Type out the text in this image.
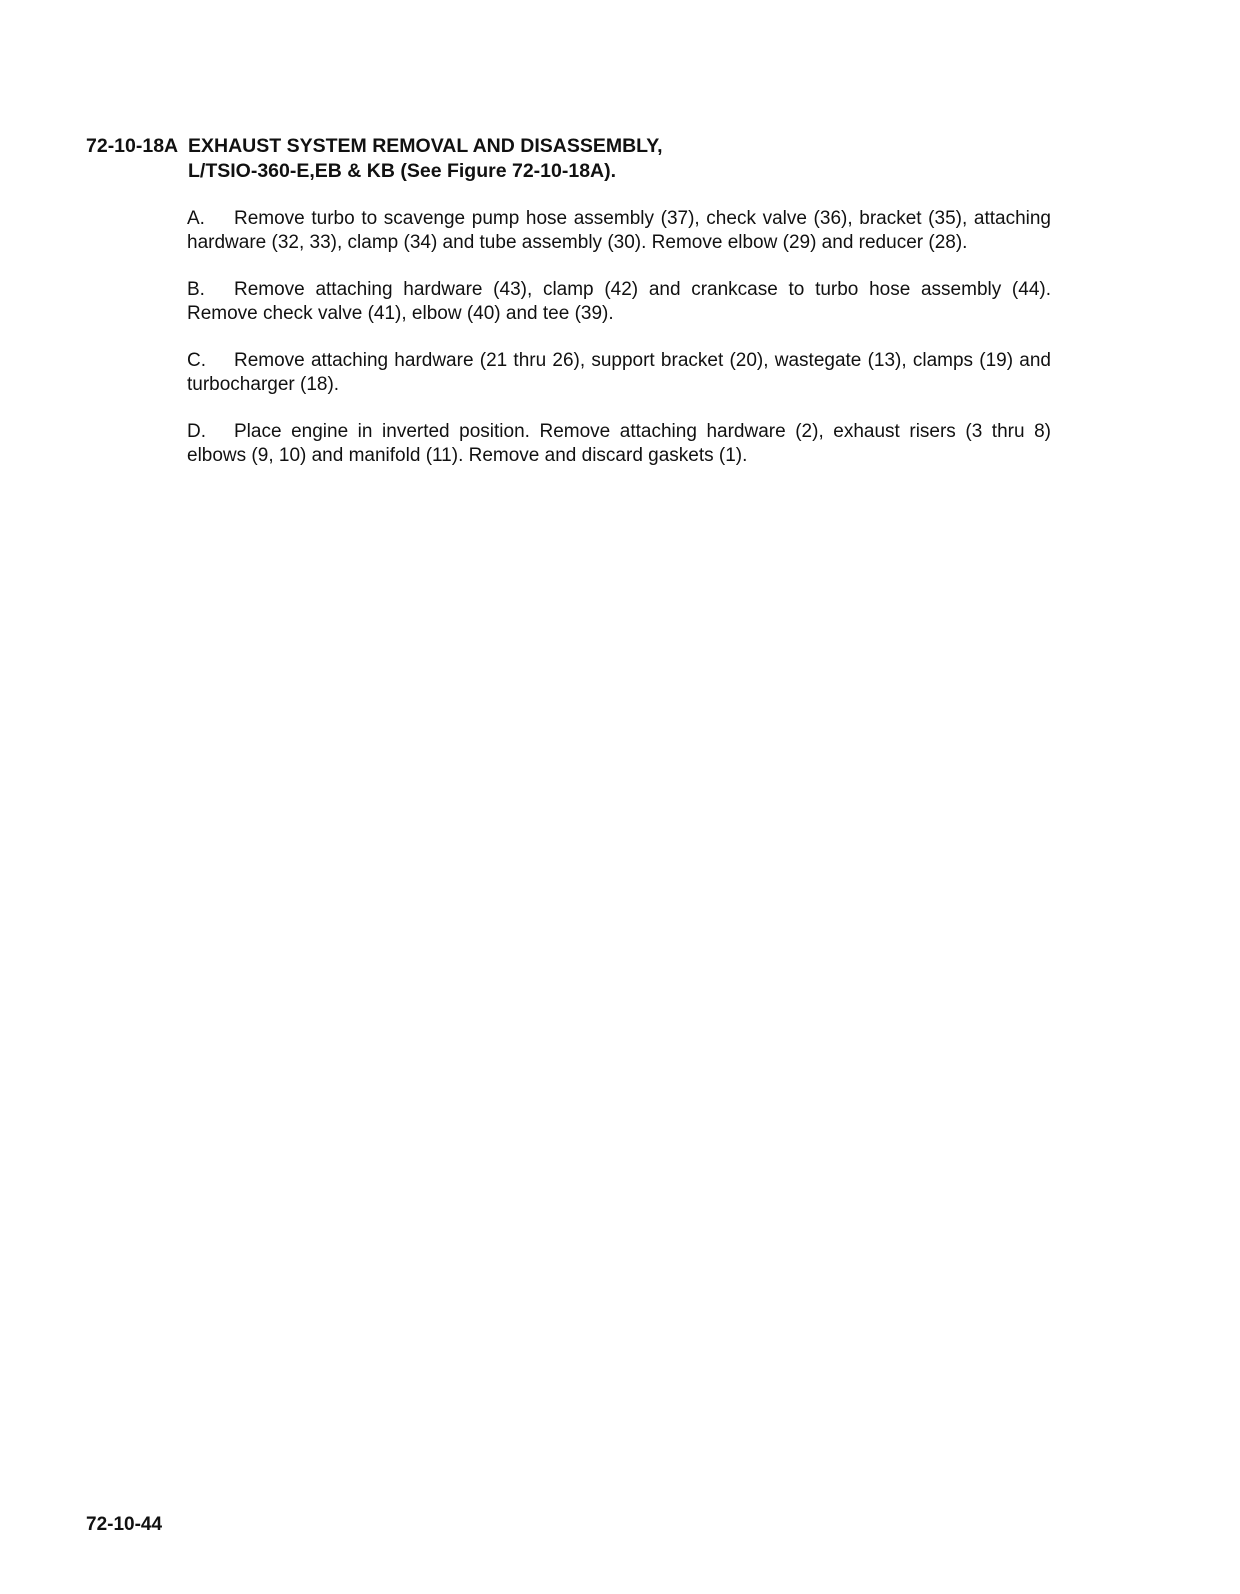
72-10-18A EXHAUST SYSTEM REMOVAL AND DISASSEMBLY,
L/TSIO-360-E,EB & KB (See Figure 72-10-18A).
A. Remove turbo to scavenge pump hose assembly (37), check valve (36), bracket (35), attaching hardware (32, 33), clamp (34) and tube assembly (30). Remove elbow (29) and reducer (28).
B. Remove attaching hardware (43), clamp (42) and crankcase to turbo hose assembly (44). Remove check valve (41), elbow (40) and tee (39).
C. Remove attaching hardware (21 thru 26), support bracket (20), wastegate (13), clamps (19) and turbocharger (18).
D. Place engine in inverted position. Remove attaching hardware (2), exhaust risers (3 thru 8) elbows (9, 10) and manifold (11). Remove and discard gaskets (1).
72-10-44
